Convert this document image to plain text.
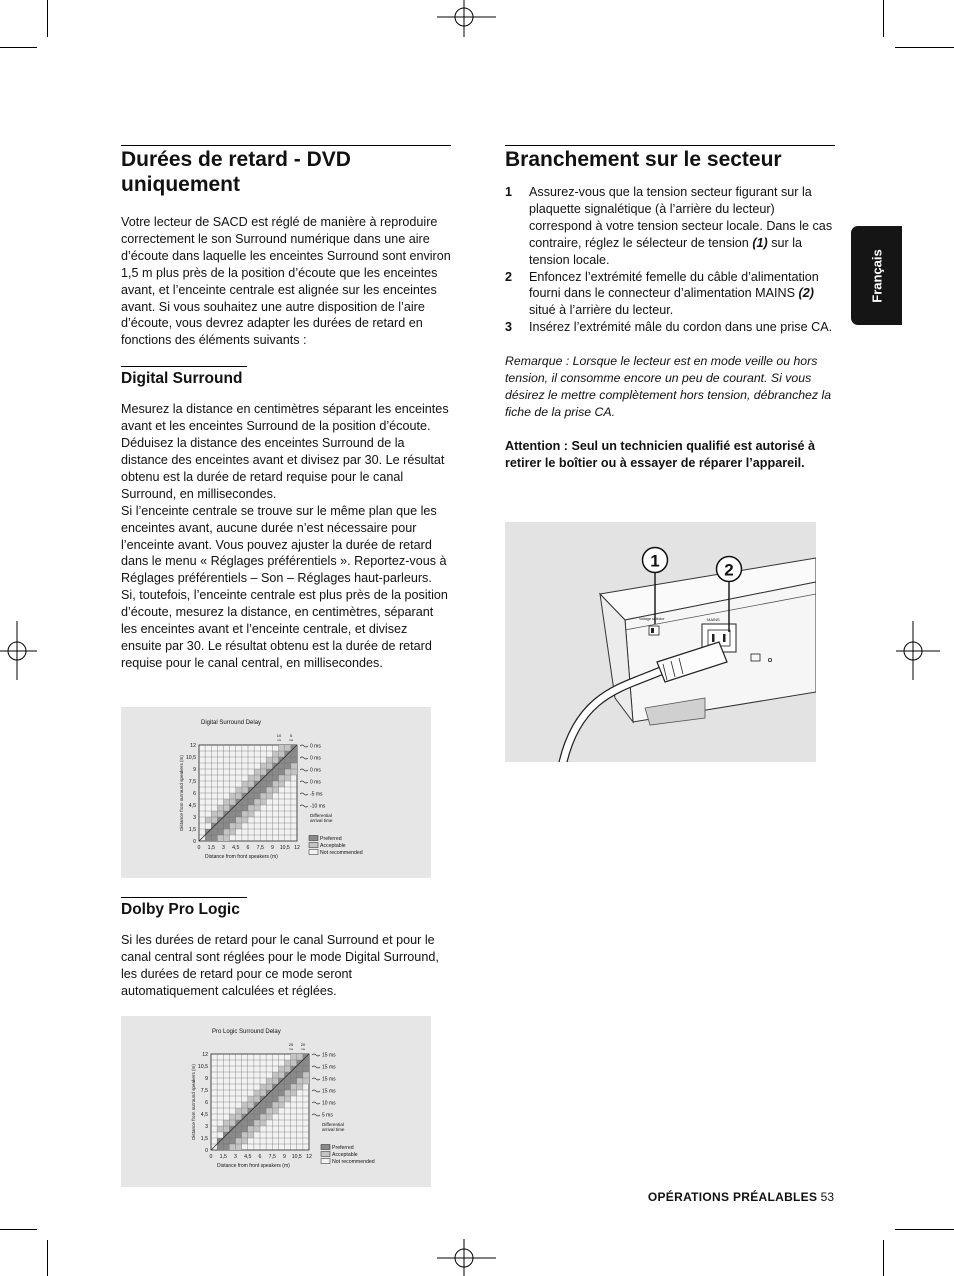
Durées de retard - DVD uniquement

Votre lecteur de SACD est réglé de manière à reproduire correctement le son Surround numérique dans une aire d’écoute dans laquelle les enceintes Surround sont environ 1,5 m plus près de la position d’écoute que les enceintes avant, et l’enceinte centrale est alignée sur les enceintes avant. Si vous souhaitez une autre disposition de l’aire d’écoute, vous devrez adapter les durées de retard en fonctions des éléments suivants :

Digital Surround

Mesurez la distance en centimètres séparant les enceintes avant et les enceintes Surround de la position d’écoute.

Déduisez la distance des enceintes Surround de la distance des enceintes avant et divisez par 30. Le résultat obtenu est la durée de retard requise pour le canal Surround, en millisecondes.

Si l’enceinte centrale se trouve sur le même plan que les enceintes avant, aucune durée n’est nécessaire pour l’enceinte avant. Vous pouvez ajuster la durée de retard dans le menu « Réglages préférentiels ». Reportez-vous à Réglages préférentiels – Son – Réglages haut-parleurs.

Si, toutefois, l’enceinte centrale est plus près de la position d’écoute, mesurez la distance, en centimètres, séparant les enceintes avant et l’enceinte centrale, et divisez ensuite par 30. Le résultat obtenu est la durée de retard requise pour le canal central, en millisecondes.

Dolby Pro Logic

Si les durées de retard pour le canal Surround et pour le canal central sont réglées pour le mode Digital Surround, les durées de retard pour ce mode seront automatiquement calculées et réglées.

Digital Surround Delay
0 1,5 3 4,5 6 7,5 9 10,5 12
Distance from front speakers (m)
0
1,5
3
4,5
6
7,5
9
10,5
12
Distance from surround speakers (m)
10
ms
5
ms
0 ms
0 ms
0 ms
0 ms
-5 ms
-10 ms
Differential
arrival time
Preferred
Acceptable
Not recommended
Pro Logic Surround Delay
0 1,5 3 4,5 6 7,5 9 10,5 12
Distance from front speakers (m)
0
1,5
3
4,5
6
7,5
9
10,5
12
Distance from surround speakers (m)
25
ms
20
ms
15 ms
15 ms
15 ms
15 ms
10 ms
5 ms
Differential
arrival time
Preferred
Acceptable
Not recommended
Branchement sur le secteur
1 Assurez-vous que la tension secteur figurant sur la plaquette signalétique (à l’arrière du lecteur) correspond à votre tension secteur locale. Dans le cas contraire, réglez le sélecteur de tension (1) sur la tension locale.
2 Enfoncez l’extrémité femelle du câble d’alimentation fourni dans le connecteur d’alimentation MAINS (2) situé à l’arrière du lecteur.
3 Insérez l’extrémité mâle du cordon dans une prise CA.

Remarque : Lorsque le lecteur est en mode veille ou hors tension, il consomme encore un peu de courant. Si vous désirez le mettre complètement hors tension, débranchez la fiche de la prise CA.

Attention : Seul un technicien qualifié est autorisé à retirer le boîtier ou à essayer de réparer l’appareil.

Voltage selector	MAINS
1	2
Français
OPÉRATIONS PRÉALABLES 53
